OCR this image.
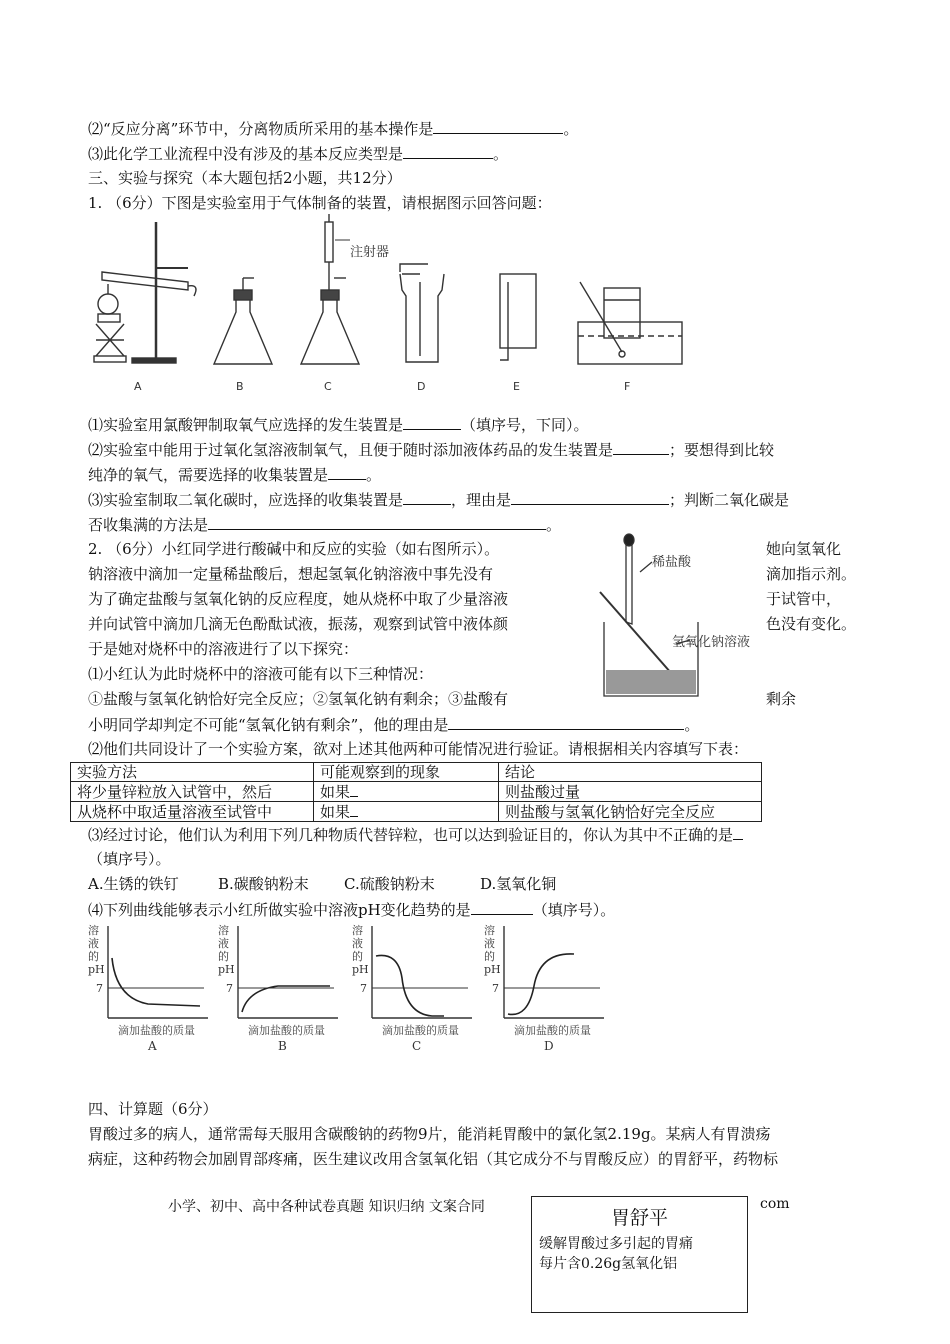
⑵“反应分离”环节中，分离物质所采用的基本操作是	。
⑶此化学工业流程中没有涉及的基本反应类型是	。
三、实验与探究（本大题包括2小题，共12分）
1. （6分）下图是实验室用于气体制备的装置，请根据图示回答问题：
注射器
A	B	C	D	E	F
⑴实验室用氯酸钾制取氧气应选择的发生装置是	（填序号，下同）。
⑵实验室中能用于过氧化氢溶液制氧气，且便于随时添加液体药品的发生装置是	；要想得到比较
纯净的氧气，需要选择的收集装置是	。
⑶实验室制取二氧化碳时，应选择的收集装置是	，理由是	；判断二氧化碳是
否收集满的方法是	。
2. （6分）小红同学进行酸碱中和反应的实验（如右图所示）。	她向氢氧化
钠溶液中滴加一定量稀盐酸后，想起氢氧化钠溶液中事先没有	滴加指示剂。
为了确定盐酸与氢氧化钠的反应程度，她从烧杯中取了少量溶液	于试管中，
并向试管中滴加几滴无色酚酞试液，振荡，观察到试管中液体颜	色没有变化。
于是她对烧杯中的溶液进行了以下探究：
⑴小红认为此时烧杯中的溶液可能有以下三种情况：
①盐酸与氢氧化钠恰好完全反应；②氢氧化钠有剩余；③盐酸有	剩余
小明同学却判定不可能“氢氧化钠有剩余”，他的理由是	。
稀盐酸
氢氧化钠溶液
⑵他们共同设计了一个实验方案，欲对上述其他两种可能情况进行验证。请根据相关内容填写下表：
实验方法	可能观察到的现象	结论
将少量锌粒放入试管中，然后	如果	则盐酸过量
从烧杯中取适量溶液至试管中	如果	则盐酸与氢氧化钠恰好完全反应
⑶经过讨论，他们认为利用下列几种物质代替锌粒，也可以达到验证目的，你认为其中不正确的是
（填序号）。
A.生锈的铁钉	B.碳酸钠粉末 C.硫酸钠粉末	D.氢氧化铜
⑷下列曲线能够表示小红所做实验中溶液pH变化趋势的是	（填序号）。
溶
液
的
pH
7
滴加盐酸的质量
A
溶
液
的
pH
7
滴加盐酸的质量
B
溶
液
的
pH
7
滴加盐酸的质量
C
溶
液
的
pH
7
滴加盐酸的质量
D
四、计算题（6分）
胃酸过多的病人，通常需每天服用含碳酸钠的药物9片，能消耗胃酸中的氯化氢2.19g。某病人有胃溃疡
病症，这种药物会加剧胃部疼痛，医生建议改用含氢氧化铝（其它成分不与胃酸反应）的胃舒平，药物标
小学、初中、高中各种试卷真题 知识归纳 文案合同	com
胃舒平
缓解胃酸过多引起的胃痛
每片含0.26g氢氧化铝
